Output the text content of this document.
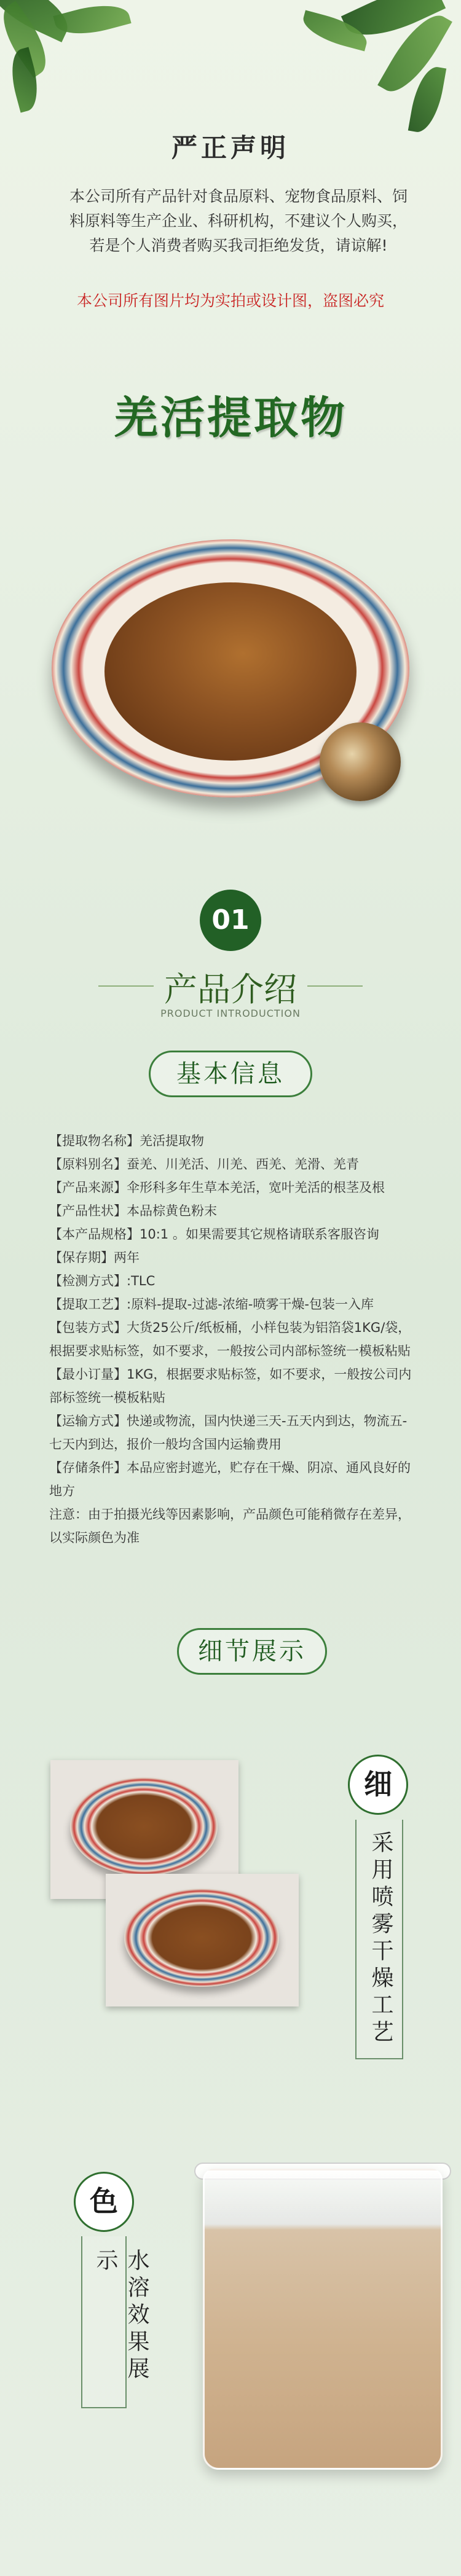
严正声明
本公司所有产品针对食品原料、宠物食品原料、饲料原料等生产企业、科研机构，不建议个人购买，若是个人消费者购买我司拒绝发货，请谅解!
本公司所有图片均为实拍或设计图，盗图必究
羌活提取物
01
产品介绍
PRODUCT INTRODUCTION
基本信息

【提取物名称】羌活提取物

【原料别名】蚕羌、川羌活、川羌、西羌、羌滑、羌青

【产品来源】伞形科多年生草本羌活，宽叶羌活的根茎及根

【产品性状】本品棕黄色粉末

【本产品规格】10:1 。如果需要其它规格请联系客服咨询

【保存期】两年

【检测方式】:TLC

【提取工艺】:原料-提取-过滤-浓缩-喷雾干燥-包装一入库

【包装方式】大货25公斤/纸板桶，小样包装为铝箔袋1KG/袋，根据要求贴标签，如不要求，一般按公司内部标签统一模板粘贴

【最小订量】1KG，根据要求贴标签，如不要求，一般按公司内部标签统一模板粘贴

【运输方式】快递或物流，国内快递三天-五天内到达，物流五-七天内到达，报价一般均含国内运输费用

【存储条件】本品应密封遮光，贮存在干燥、阴凉、通风良好的地方

注意：由于拍摄光线等因素影响，产品颜色可能稍微存在差异，以实际颜色为准

细节展示
采用喷雾干燥工艺
细
水溶效果展示
色
